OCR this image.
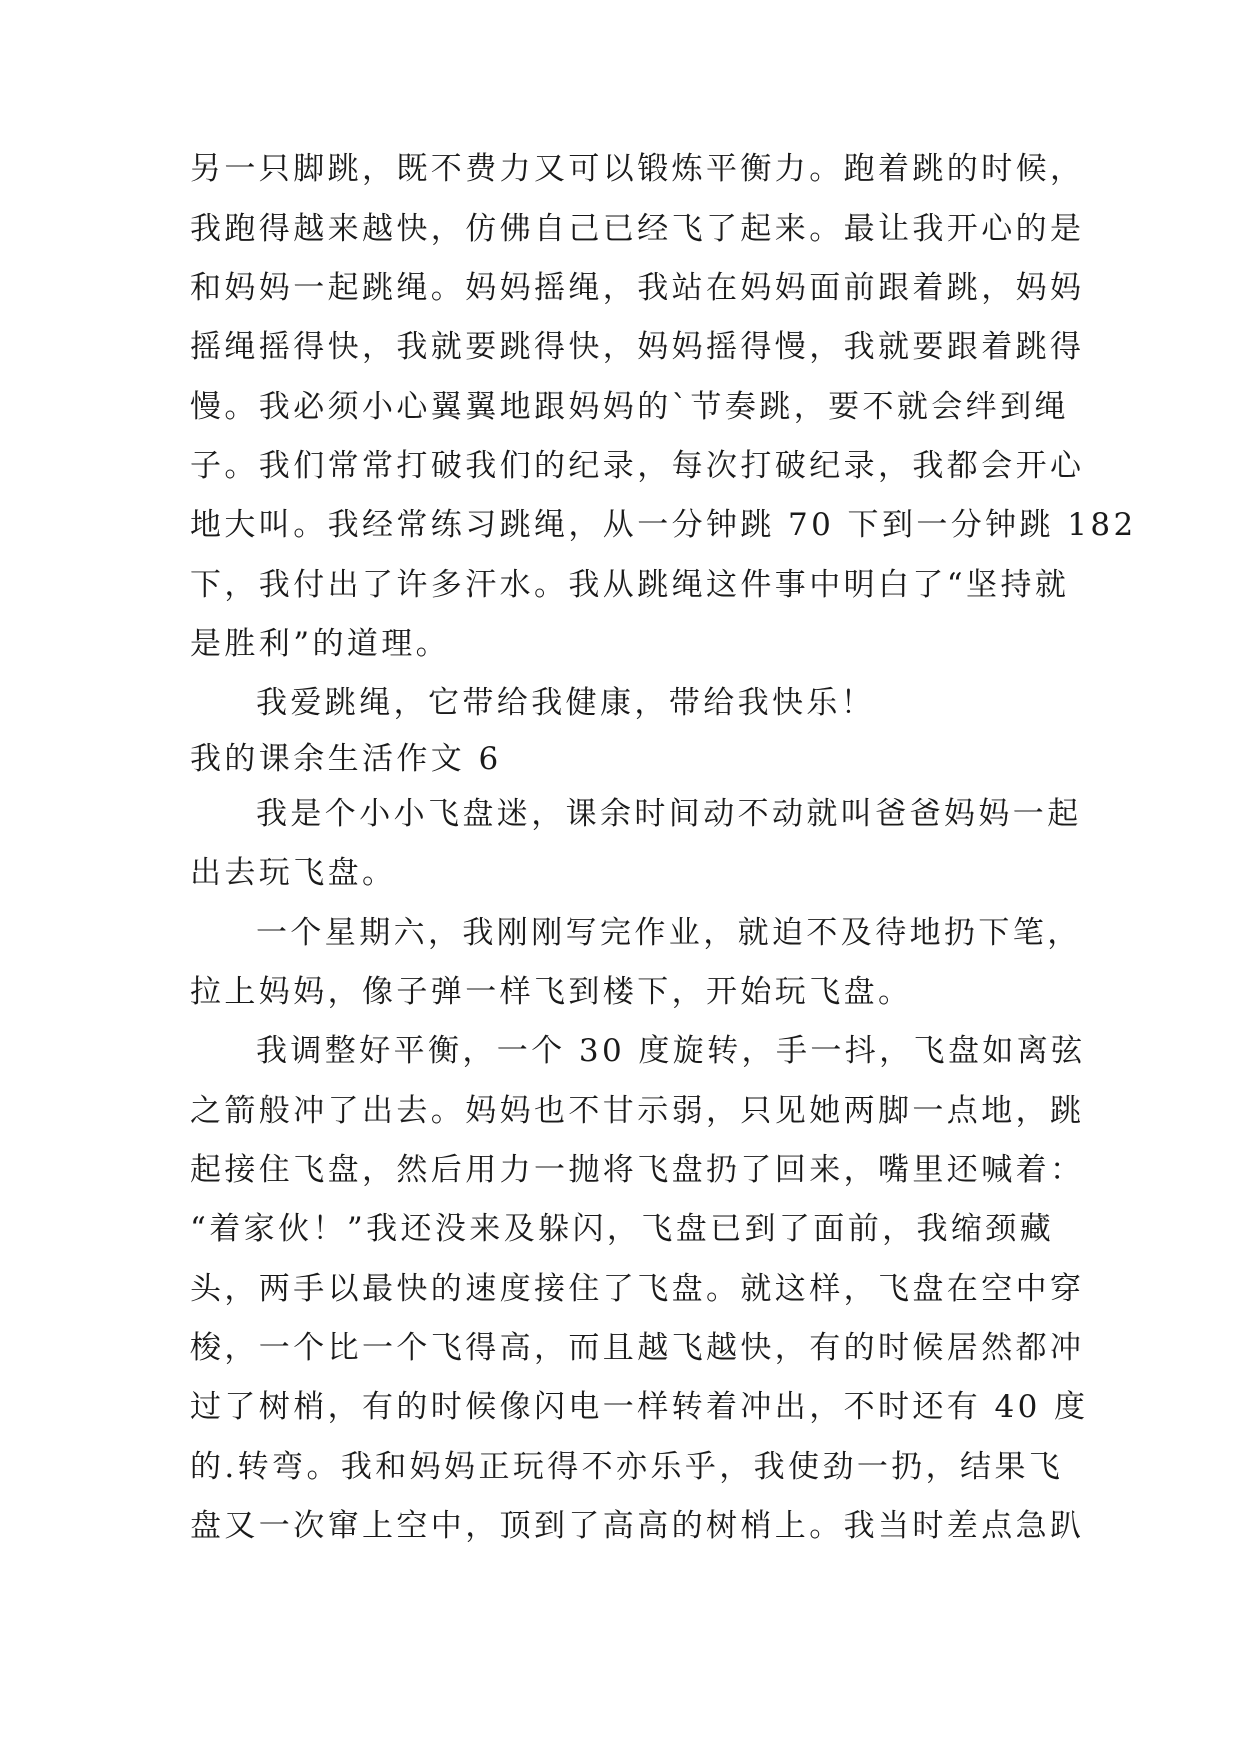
另一只脚跳，既不费力又可以锻炼平衡力。跑着跳的时候，

我跑得越来越快，仿佛自己已经飞了起来。最让我开心的是

和妈妈一起跳绳。妈妈摇绳，我站在妈妈面前跟着跳，妈妈

摇绳摇得快，我就要跳得快，妈妈摇得慢，我就要跟着跳得

慢。我必须小心翼翼地跟妈妈的`节奏跳，要不就会绊到绳

子。我们常常打破我们的纪录，每次打破纪录，我都会开心

地大叫。我经常练习跳绳，从一分钟跳 70 下到一分钟跳 182

下，我付出了许多汗水。我从跳绳这件事中明白了“坚持就

是胜利”的道理。

我爱跳绳，它带给我健康，带给我快乐！

我的课余生活作文 6

我是个小小飞盘迷，课余时间动不动就叫爸爸妈妈一起

出去玩飞盘。

一个星期六，我刚刚写完作业，就迫不及待地扔下笔，

拉上妈妈，像子弹一样飞到楼下，开始玩飞盘。

我调整好平衡，一个 30 度旋转，手一抖，飞盘如离弦

之箭般冲了出去。妈妈也不甘示弱，只见她两脚一点地，跳

起接住飞盘，然后用力一抛将飞盘扔了回来，嘴里还喊着：

“着家伙！”我还没来及躲闪，飞盘已到了面前，我缩颈藏

头，两手以最快的速度接住了飞盘。就这样，飞盘在空中穿

梭，一个比一个飞得高，而且越飞越快，有的时候居然都冲

过了树梢，有的时候像闪电一样转着冲出，不时还有 40 度

的.转弯。我和妈妈正玩得不亦乐乎，我使劲一扔，结果飞

盘又一次窜上空中，顶到了高高的树梢上。我当时差点急趴
